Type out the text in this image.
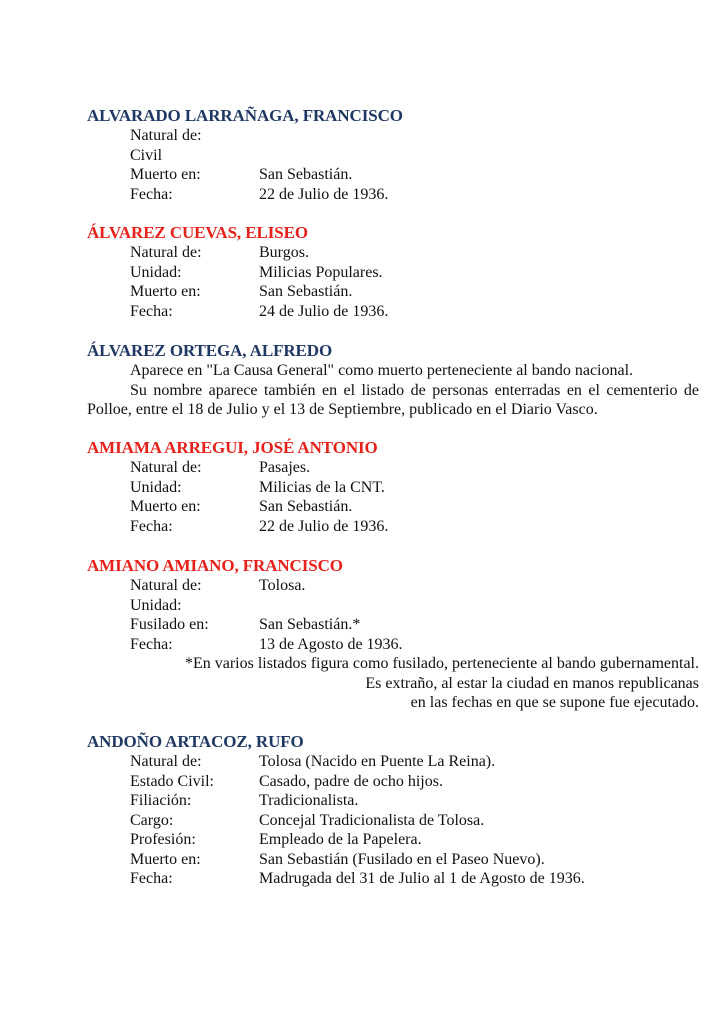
ALVARADO LARRAÑAGA, FRANCISCO
Natural de:
Civil
Muerto en:	San Sebastián.
Fecha:	22 de Julio de 1936.
ÁLVAREZ CUEVAS, ELISEO
Natural de:	Burgos.
Unidad:	Milicias Populares.
Muerto en:	San Sebastián.
Fecha:	24 de Julio de 1936.
ÁLVAREZ ORTEGA, ALFREDO
Aparece en "La Causa General" como muerto perteneciente al bando nacional.
Su nombre aparece también en el listado de personas enterradas en el cementerio de Polloe, entre el 18 de Julio y el 13 de Septiembre, publicado en el Diario Vasco.
AMIAMA ARREGUI, JOSÉ ANTONIO
Natural de:	Pasajes.
Unidad:	Milicias de la CNT.
Muerto en:	San Sebastián.
Fecha:	22 de Julio de 1936.
AMIANO AMIANO, FRANCISCO
Natural de:	Tolosa.
Unidad:
Fusilado en:	San Sebastián.*
Fecha:	13 de Agosto de 1936.
*En varios listados figura como fusilado, perteneciente al bando gubernamental.
Es extraño, al estar la ciudad en manos republicanas
en las fechas en que se supone fue ejecutado.
ANDOÑO ARTACOZ, RUFO
Natural de:	Tolosa (Nacido en Puente La Reina).
Estado Civil:	Casado, padre de ocho hijos.
Filiación:	Tradicionalista.
Cargo:	Concejal Tradicionalista de Tolosa.
Profesión:	Empleado de la Papelera.
Muerto en:	San Sebastián (Fusilado en el Paseo Nuevo).
Fecha:	Madrugada del 31 de Julio al 1 de Agosto de 1936.
